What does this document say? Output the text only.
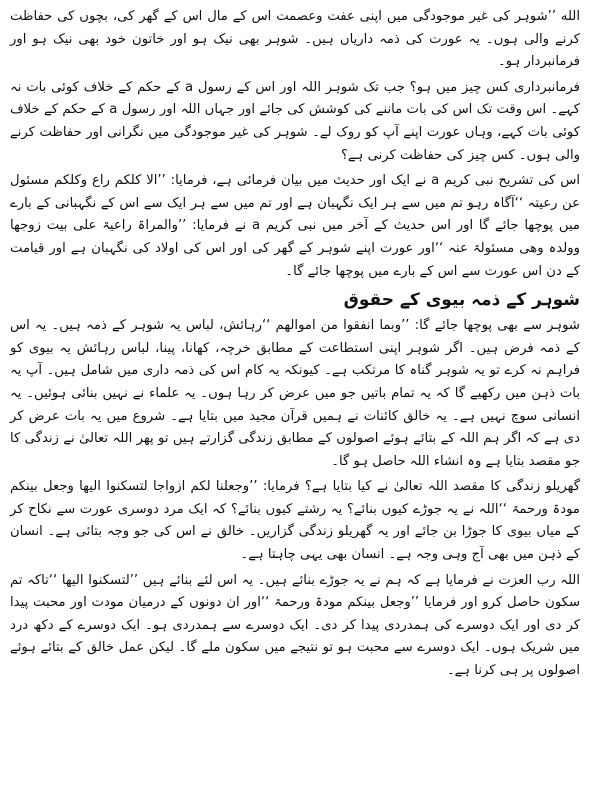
الله ’’شوہر کی غیر موجودگی میں اپنی عفت وعصمت اس کے مال اس کے گھر کی، بچوں کی حفاظت کرنے والی ہوں۔ یہ عورت کی ذمہ داریاں ہیں۔ شوہر بھی نیک ہو اور خاتون خود بھی نیک ہو اور فرمانبردار ہو۔

فرمانبرداری کس چیز میں ہو؟ جب تک شوہر اللہ اور اس کے رسول a کے حکم کے خلاف کوئی بات نہ کہے۔ اس وقت تک اس کی بات ماننے کی کوشش کی جائے اور جہاں اللہ اور رسول a کے حکم کے خلاف کوئی بات کہے، وہاں عورت اپنے آپ کو روک لے۔ شوہر کی غیر موجودگی میں نگرانی اور حفاظت کرنے والی ہوں۔ کس چیز کی حفاظت کرنی ہے؟

اس کی تشریح نبی کریم a نے ایک اور حدیث میں بیان فرمائی ہے، فرمایا: ’’الا کلکم راع وکلکم مسئول عن رعیتہ ‘‘آگاہ رہو تم میں سے ہر ایک نگہبان ہے اور تم میں سے ہر ایک سے اس کے نگہبانی کے بارے میں پوچھا جائے گا اور اس حدیث کے آخر میں نبی کریم a نے فرمایا: ’’والمراۃ راعیۃ علی بیت زوجھا وولدہ وھی مسئولۃ عنہ ‘‘اور عورت اپنے شوہر کے گھر کی اور اس کی اولاد کی نگہبان ہے اور قیامت کے دن اس عورت سے اس کے بارے میں پوچھا جائے گا۔

شوہر کے ذمہ بیوی کے حقوق

شوہر سے بھی پوچھا جائے گا: ’’وبما انفقوا من اموالھم ‘‘رہائش، لباس یہ شوہر کے ذمہ ہیں۔ یہ اس کے ذمہ فرض ہیں۔ اگر شوہر اپنی استطاعت کے مطابق خرچہ، کھانا، پینا، لباس رہائش یہ بیوی کو فراہم نہ کرے تو یہ شوہر گناہ کا مرتکب ہے۔ کیونکہ یہ کام اس کی ذمہ داری میں شامل ہیں۔ آپ یہ بات ذہن میں رکھیے گا کہ یہ تمام باتیں جو میں عرض کر رہا ہوں۔ یہ علماء نے نہیں بنائی ہوئیں۔ یہ انسانی سوچ نہیں ہے۔ یہ خالق کائنات نے ہمیں قرآن مجید میں بتایا ہے۔ شروع میں یہ بات عرض کر دی ہے کہ اگر ہم اللہ کے بتائے ہوئے اصولوں کے مطابق زندگی گزارتے ہیں تو پھر اللہ تعالیٰ نے زندگی کا جو مقصد بتایا ہے وہ انشاء اللہ حاصل ہو گا۔

گھریلو زندگی کا مقصد اللہ تعالیٰ نے کیا بتایا ہے؟ فرمایا: ’’وجعلنا لکم ازواجا لتسکنوا الیھا وجعل بینکم مودۃ ورحمۃ ‘‘اللہ نے یہ جوڑے کیوں بنائے؟ یہ رشتے کیوں بنائے؟ کہ ایک مرد دوسری عورت سے نکاح کر کے میاں بیوی کا جوڑا بن جائے اور یہ گھریلو زندگی گزاریں۔ خالق نے اس کی جو وجہ بتائی ہے۔ انسان کے ذہن میں بھی آج وہی وجہ ہے۔ انسان بھی یہی چاہتا ہے۔

اللہ رب العزت نے فرمایا ہے کہ ہم نے یہ جوڑے بنائے ہیں۔ یہ اس لئے بنائے ہیں ’’لتسکنوا الیھا ‘‘تاکہ تم سکون حاصل کرو اور فرمایا ’’وجعل بینکم مودۃ ورحمۃ ‘‘اور ان دونوں کے درمیان مودت اور محبت پیدا کر دی اور ایک دوسرے کی ہمدردی پیدا کر دی۔ ایک دوسرے سے ہمدردی ہو۔ ایک دوسرے کے دکھ درد میں شریک ہوں۔ ایک دوسرے سے محبت ہو تو نتیجے میں سکون ملے گا۔ لیکن عمل خالق کے بتائے ہوئے اصولوں پر ہی کرنا ہے۔
